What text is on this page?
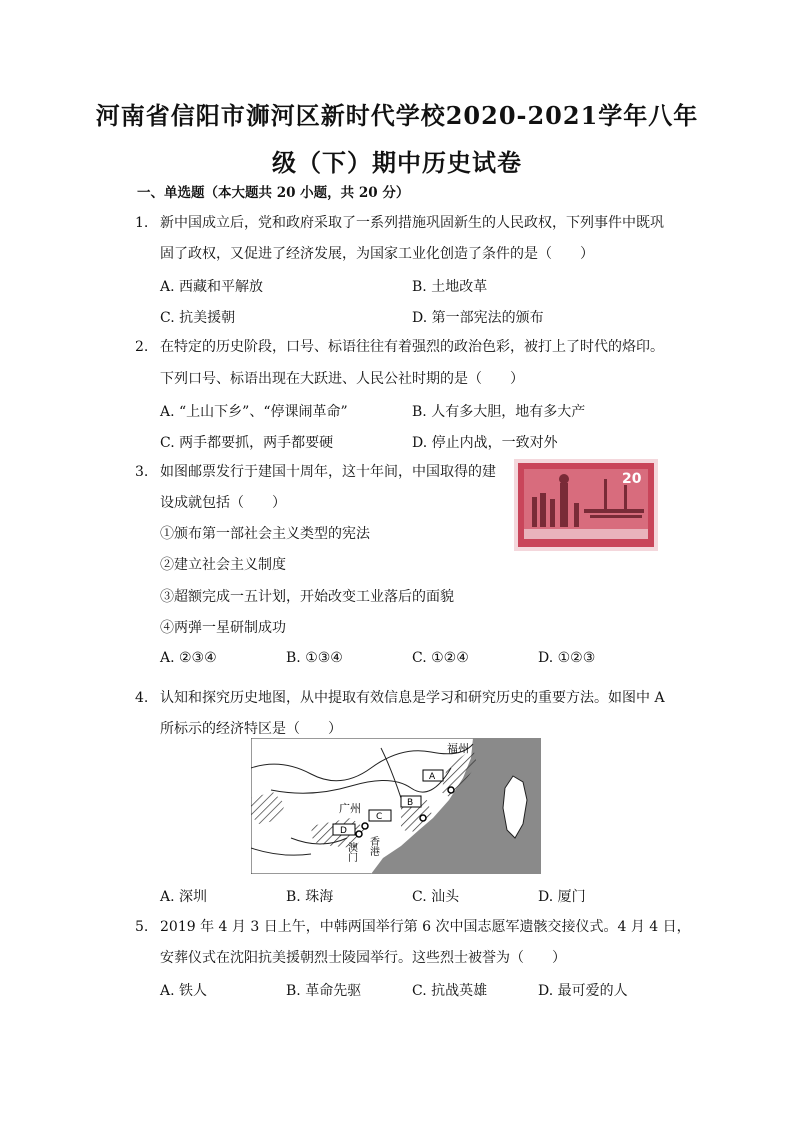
河南省信阳市浉河区新时代学校2020-2021学年八年
级（下）期中历史试卷
一、单选题（本大题共 20 小题，共 20 分）
1. 新中国成立后，党和政府采取了一系列措施巩固新生的人民政权，下列事件中既巩
固了政权，又促进了经济发展，为国家工业化创造了条件的是（　　）
A. 西藏和平解放	B. 土地改革
C. 抗美援朝	D. 第一部宪法的颁布
2. 在特定的历史阶段，口号、标语往往有着强烈的政治色彩，被打上了时代的烙印。
下列口号、标语出现在大跃进、人民公社时期的是（　　）
A. “上山下乡”、“停课闹革命”	B. 人有多大胆，地有多大产
C. 两手都要抓，两手都要硬	D. 停止内战，一致对外
3. 如图邮票发行于建国十周年，这十年间，中国取得的建
设成就包括（　　）
①颁布第一部社会主义类型的宪法
②建立社会主义制度
③超额完成一五计划，开始改变工业落后的面貌
④两弹一星研制成功
A. ②③④	B. ①③④	C. ①②④	D. ①②③
20
4. 认知和探究历史地图，从中提取有效信息是学习和研究历史的重要方法。如图中 A
所标示的经济特区是（　　）
A
B
C
D
福州
广州
香港
澳门
A. 深圳	B. 珠海	C. 汕头	D. 厦门
5. 2019 年 4 月 3 日上午，中韩两国举行第 6 次中国志愿军遗骸交接仪式。4 月 4 日，
安葬仪式在沈阳抗美援朝烈士陵园举行。这些烈士被誉为（　　）
A. 铁人	B. 革命先驱	C. 抗战英雄	D. 最可爱的人
